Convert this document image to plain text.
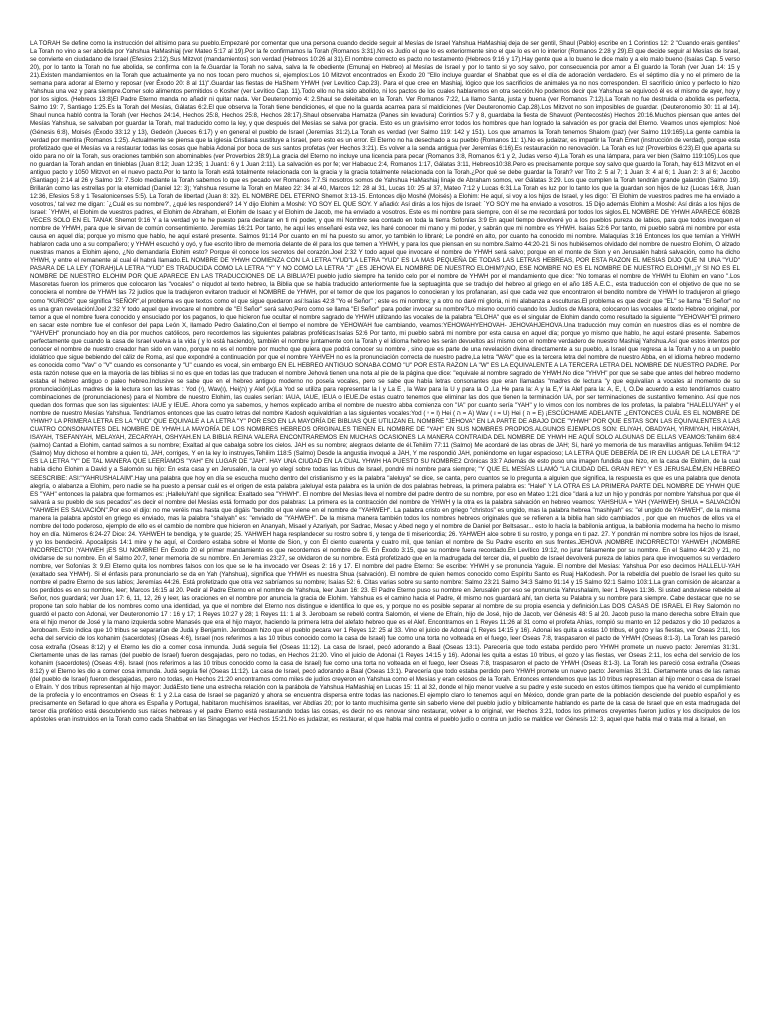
LA TORAH Se define como la instrucción del altísimo para su pueblo.Empezaré por comentar que una persona cuando decide seguir al Mesías de Israel Yahshua HaMashiaj deja de ser gentil, Shaul (Pablo) escribe en 1 Corintios 12: 2 "Cuando erais gentiles" La Torah no vino a ser abolida por Yahshua HaMashiaj (ver Mateo 5:17 al 19).Por la fe confirmamos la Torah (Romanos 3:31).No es Judío el que lo es exteriormente sino el que lo es en lo interior (Romanos 2:28 y 29).El que decide seguir al Mesías de Israel, se convierte en ciudadano de Israel (Efesios 2:12).Sus Mitzvot (mandamientos) son verdad (Hebreos 10:26 al 31).El nombre correcto es pacto no testamento (Hebreos 9:16 y 17).Hay gente que a lo bueno le dice malo y a elo malo bueno (Isaías Cap. 5 verso 20), por lo tanto la Torah no fue abolida, se confirma con la fe.Guardar la Torah no salva, salva la fe obediente (Emunaj en Hebreo) al Mesías de Israel y por lo tanto si yo soy salvo, por consecuencia por amor a Él guardo la Torah (ver Juan 14: 15 y 21).Existen mandamientos en la Torah que actualmente ya no nos tocan pero muchos si, ejemplos:Los 10 Mitzvot encontrados en Éxodo 20 "Ello incluye guardar el Shabbat que es el día de adoración verdadero. Es el séptimo día y no el primero de la semana para adorar al Eterno y reposar (ver Éxodo 20: 8 al 11)".Guardar las fiestas de HaShem YHWH (ver Levítico Cap.23). Para el que cree en Mashiaj, lógico que los sacrificios de animales ya no nos corresponden. El sacrificio único y perfecto lo hizo Yahshua una vez y para siempre.Comer solo alimentos permitidos o Kosher (ver Levítico Cap. 11).Todo ello no ha sido abolido, ni los pactos de los cuales hablaremos en otra sección.No podemos decir que Yahshua se equivocó él es el mismo de ayer, hoy y por los siglos. (Hebreos 13:8)El Padre Eterno manda no añadir ni quitar nada. Ver Deuteronomio 4: 2.Shaul se deleitaba en la Torah. Ver Romanos 7:22, La llamo Santa, justa y buena (ver Romanos 7:12).La Torah no fue destruida o abolida es perfecta, Salmo 19: 7, Santiago 1:25.Es la Torah del Mesías, Gálatas 6:2.El que observa la Torah tiene bendiciones, el que no la guarda acarrea para sí maldiciones (Ver Deuteronomio Cap.28).Los Mitzvot no son imposibles de guardar. (Deuteronomio 30: 11 al 14). Shaul nunca habló contra la Torah (ver Hechos 24:14, Hechos 25:8, Hechos 25:8, Hechos 28:17).Shaul observaba Hamatza (Panes sin levadura) Corintios 5:7 y 8, guardaba la fiesta de Shavuot (Pentecostés) Hechos 20:16.Muchos piensan que antes del Mesías Yahshua, se salvaban por guardar la Torah, mal traducido como la ley, y que después del Mesías se salva por gracia. Esto es un gravísimo error todos los hombres que han logrado la salvación es por gracia del Eterno. Veamos unos ejemplos: Noé (Génesis 6:8), Moisés (Éxodo 33:12 y 13), Gedeón (Jueces 6:17) y en general el pueblo de Israel (Jeremías 31:2).La Torah es verdad (ver Salmo 119: 142 y 151). Los que amamos la Torah tenemos Shalom (paz) (ver Salmo 119:165).La gente cambia la verdad por mentira (Romanos 1:25). Actualmente se piensa que la iglesia Cristiana sustituye a Israel, pero esto es un error. El Eterno no ha desechado a su pueblo (Romanos 11: 1).No es judaizar, es impartir la Torah Emet (instrucción de verdad), porque esta profetizado que el Mesías va a restaurar todas las cosas que había Adonai por boca de sus santos profetas (ver Hechos 3:21). Es volver a la senda antigua (ver Jeremías 6:16).Es restauración no renovación. La Torah es luz (Proverbios 6:23).El que aparta su oído para no oír la Torah, sus oraciones también son abominables (ver Proverbios 28:9).La gracia del Eterno no incluye una licencia para pecar (Romanos 3:8, Romanos 6:1 y 2, Judas verso 4).La Torah es una lámpara, para ver bien (Salmo 119:105).Los que no guardan la Torah andan en tinieblas (Juan 8:12; Juan 12:35; 1 Juan1: 6 y 1 Juan 2:11). La salvación es por fe; ver Habacuc 2:4, Romanos 1:17, Gálatas 3:11, Hebreos10:38.Pero es precisamente porque soy salvo que guardo la Torah, hay 613 Mitzvot en el antiguo pacto y 1050 Mitzvot en el nuevo pacto.Por lo tanto la Torah está totalmente relacionada con la gracia y la gracia totalmente relacionada con la Torah.¿Por qué se debe guardar la Torah? ver Tito 2: 5 al 7; 1 Juan 3: 4 al 6; 1 Juan 2: 3 al 6; Jacobo (Santiago) 2:14 al 26 y Salmo 19: 7.Solo mediante la Torah sabemos lo que es pecado ver Romanos 7:7.Si nosotros somos de Yahshua HaMashiaj linaje de Abraham somos, ver Gálatas 3:29. Los que cumplen la Torah tendrán grande galardón (Salmo 19). Brillarán como las estrellas por la eternidad (Daniel 12: 3); Yahshua resume la Torah en Mateo 22: 34 al 40, Marcos 12: 28 al 31, Lucas 10: 25 al 37, Mateo 7:12 y Lucas 6:31.La Torah es luz por lo tanto los que la guardan son hijos de luz (Lucas 16:8, Juan 12:36, Efesios 5:8 y 1 Tesalonicenses 5:5). La Torah de libertad (Juan 8: 32). EL NOMBRE DEL ETERNO Shemot 3:13-15. Entonces dijo Moshé (Moisés) a Elohim: He aquí, si voy a los hijos de Israel, y les digo: `El Elohim de vuestros padres me ha enviado a vosotros,' tal vez me digan: `¿Cuál es su nombre?', ¿qué les responderé? 14 Y dijo Elohim a Moshé: YO SOY EL QUE SOY. Y añadió: Así dirás a los hijos de Israel: `YO SOY me ha enviado a vosotros. 15 Dijo además Elohim a Moshé: Así dirás a los hijos de Israel: `YHWH, el Elohim de vuestros padres, el Elohim de Abraham, el Elohim de Isaac y el Elohim de Jacob, me ha enviado a vosotros. Este es mi nombre para siempre, con él se me recordará por todos los siglos.EL NOMBRE DE YHWH APARECE 6082B VECES SOLO EN EL TANAK Shemot 9:16 Y a la verdad yo te he puesto para declarar en ti mi poder, y que mi Nombre sea contado en toda la tierra Sofonías 3:9 En aquel tiempo devolveré yo a los pueblos pureza de labios, para que todos invoquen el nombre de YHWH, para que le sirvan de común consentimiento. Jeremías 16:21 Por tanto, he aquí les enseñaré esta vez, les haré conocer mi mano y mi poder, y sabrán que mi nombre es YHWH. Isaías 52:6 Por tanto, mi pueblo sabrá mi nombre por esta causa en aquel día; porque yo mismo que hablo, he aquí estaré presente. Salmos 91:14 Por cuanto en mí ha puesto su amor, yo también lo libraré; Le pondré en alto, por cuanto ha conocido mi nombre. Malaquías 3:16 Entonces los que temían a YHWH hablaron cada uno a su compañero; y YHWH escuchó y oyó, y fue escrito libro de memoria delante de él para los que temen a YHWH, y para los que piensan en su nombre.Salmo 44:20-21 Si nos hubiésemos olvidado del nombre de nuestro Elohim, O alzado nuestras manos a Elohim ajeno, ¿No demandaría Elohim esto? Porque él conoce los secretos del corazón.Joel 2:32 Y todo aquel que invocare el nombre de YHWH será salvo; porque en el monte de Sion y en Jerusalén habrá salvación, como ha dicho YHWH, y entre el remanente al cual él habrá llamado.EL NOMBRE DE YHWH COMIENZA CON LA LETRA "YUD"LA LETRA "YUD" ES LA MAS PEQUEÑA DE TODAS LAS LETRAS HEBREAS, POR ESTA RAZON EL MESIAS DIJO QUE NI UNA "YUD" PASARA DE LA LEY (TORAH)LA LETRA "YUD" ES TRADUCIDA COMO LA LETRA "Y" Y NO COMO LA LETRA "J" ¿ES JEHOVA EL NOMBRE DE NUESTRO ELOHIM?¡NO, ESE NOMBRE NO ES EL NOMBRE DE NUESTRO ELOHIM!,,¡Y SI NO ES EL NOMBRE DE NUESTRO ELOHIM POR QUE APARECE EN LAS TRADUCCIONES DE LA BIBLIA?El pueblo judío siempre ha tenido celo por el nombre de YHWH por el mandamiento que dice: "No tomaras el nombre de YHWH tu Elohim en vano ".Los Masoretas fueron los primeros que colocaron las "vocales" o niqudot al texto hebreo, la Biblia que se había traducido anteriormente fue la septuaginta que se tradujo del hebreo al griego en el año 185 A.E.C., esta traducción con el objetivo de que no se conociera el nombre de YHWH las 72 judíos que la tradujeron evitaron traducir el NOMBRE de YHWH, por el temor de que los paganos lo conocieran y los profanaran, así que cada vez que encontraron el bendito nombre de YHWH lo tradujeron al griego como "KURIOS" que significa "SEÑOR",el problema es que textos como el que sigue quedaron así:Isaías 42:8 "Yo el Señor" ; este es mi nombre; y a otro no daré mi gloria, ni mi alabanza a esculturas.El problema es que decir que "EL" se llama "El Señor" no es una gran revelación!Joel 2:32 Y todo aquel que invocare el nombre de "El Señor" será salvo;Pero como se llama "El Señor" para poder invocar su nombre?Lo mismo ocurrió cuando los Judíos de Masora, colocaron las vocales al texto Hebreo original, por temor a que el nombre fuera conocido y ensuciado por los paganos, lo que hicieron fue ocultar el nombre sagrado de YHWH utilizando las vocales de la palabra "ELOHA" que es el singular de Elohim dando como resultado la siguiente "YEHOVAH"El primero en sacar este nombre fue el confesor del papa León X, llamado Pedro Galatino,Con el tiempo el nombre de YEHOWAH fue cambiando, veamos:YEHOWAHYEHOVAH- JEHOVAHJEHOVA.Una traducción muy común en nuestros días es el nombre de "YAHVEH" pronunciado hoy en día por muchos católicos, pero recordemos las siguientes palabras proféticas:Isaías 52:6 Por tanto, mi pueblo sabrá mi nombre por esta causa en aquel día; porque yo mismo que hablo, he aquí estaré presente. Sabemos perfectamente que cuando la casa de Israel vuelva a la vida ( y lo está haciendo), también el nombre juntamente con la Torah y el idioma hebreo les serán devueltos así mismo con el nombre verdadero de nuestro Mashiaj Yahshua.Así que estos intentos por conocer el nombre de nuestro creador han sido en vano, porque no es el nombre por mucho que quiera que podrá conocer su nombre , sino que es parte de una revelación divina directamente a su pueblo, a Israel que regresa a la Torah y no a un pueblo idolátrico que sigue bebiendo del cáliz de Roma, así que expondré a continuación por que el nombre YAHVEH no es la pronunciación correcta de nuestro padre,La letra "WAV" que es la tercera letra del nombre de nuestro Abba, en el idioma hebreo moderno es conocida como "Vav" o "V" cuando es consonante y "U" cuando es vocal, sin embargo EN EL HEBREO ANTIGUO SONABA COMO "U" POR ESTA RAZON LA "W" ES LA EQUIVALENTE A LA TERCERA LETRA DEL NOMBRE DE NUESTRO PADRE. Por esta razón notese que en la mayoría de las biblias si no es que en todas las que traducen el nombre Jehová tienen una nota al pie de la página que dice: "equivale al nombre sagrado de YHWH.No dice "YHVH" por que se sabe que antes del hebreo moderno estaba el hebreo antiguo o paleo hebreo.Inclusive se sabe que en el hebreo antiguo moderno no poseía vocales, pero se sabe que había letras consonantes que eran llamadas "madres de lectura "y que equivalían a vocales al momento de su pronunciación)Las madres de la lectura son las letras : Yod (י), Wav(ו), Hei(ה) y Alef (א)La Yod se utiliza para representar la I y La E , la Wav para la U y para la O ,La He para la: A y la E,Y la Alef para la: A, E, I, O.De acuerdo a esto tendríamos cuatro combinaciones de (pronunciaciones) para el Nombre de nuestro Elohim, las cuales serían: IAUA, IAUE, IEUA o IEUE.De estas cuatro tenemos que eliminar las dos que tienen la terminación UA, por ser terminaciones de sustantivo femenino. Así que nos quedan dos formas que son las siguientes: IAUE y IEUE. Ahora como ya sabemos, y hemos explicado arriba el nombre de nuestro abba comienza con "IA" por cuanto sería "YAH" y lo vimos con los nombres de los profetas, la palabra "HALELUYAH" y el nombre de nuestro Mesías Yahshua. Tendríamos entonces que las cuatro letras del nombre Kadosh equivaldrían a las siguientes vocales:Yod ( י = I) Hei ( ה = A) Wav ( ו = U) Hei ( ה = E) ¡ESCÚCHAME ADELANTE ,¿ENTONCES CUÁL ES EL NOMBRE DE YHWH? LA PRIMERA LETRA ES LA "YUD" QUE EQUIVALE A LA LETRA "Y" POR ESO EN LA MAYORÍA DE BIBLIAS QUE UTILIZAN EL NOMBRE "JEHOVA" EN LA PARTE DE ABAJO DICE "YHWH" POR QUE ESTAS SON LAS EQUIVALENTES A LAS CUATRO CONSONANTES DEL NOMBRE DE YHWH.LA MAYORÍA DE LOS NOMBRES HEBREOS ORIGINALES TIENEN EL NOMBRE DE "YAH" EN SUS NOMBRES PROPIOS.ALGUNOS EJEMPLOS SON: ELIYAH, OBADYAH, YIRMIYAH, HIKAYAH, ISAYAH, TSEFANYAH, MELAYAH, ZECARYAH, OSHYAH.EN LA BIBLIA REINA VALERA ENCONTRAREMOS EN MUCHAS OCASIONES LA MANERA CONTRAIDA DEL NOMBRE DE YHWH HE AQUÍ SOLO ALGUNAS DE ELLAS VEAMOS:Tehilim 68:4 (salmo) Cantad a Elohim, cantad salmos a su nombre; Exaltad al que cabalga sobre los cielos. JAH es su nombre; alegraos delante de él.Tehilim 77:11 (Salmo) Me acordaré de las obras de JAH; Sí, haré yo memoria de tus maravillas antiguas.Tehilim 94:12 (Salmo) Muy dichoso el hombre a quien tú, JAH, corriges, Y en la ley lo instruyes,Tehilim 118:5 (Salmo) Desde la angustia invoqué a JAH, Y me respondió JAH, poniéndome en lugar espacioso; LA LETRA QUE DEBERÍA DE IR EN LUGAR DE LA LETRA "J" ES LA LETRA "Y" DE TAL MANERA QUE LEERÍAMOS "YAH" EN LUGAR DE "JAH". HAY UNA CIUDAD EN LA CUAL YHWH HA PUESTO SU NOMBRE2 Crónicas 33:7 Además de esto puso una imagen fundida que hizo, en la casa de Elohim, de la cual había dicho Elohim a David y a Salomón su hijo: En esta casa y en Jerusalén, la cual yo elegí sobre todas las tribus de Israel, pondré mi nombre para siempre; "Y QUE EL MESÍAS LLAMÓ "LA CIUDAD DEL GRAN REY" Y ES JERUSALÉM,EN HEBREO SEESCRIBE: ASI:"YAHRUSHALAIM".Hay una palabra que hoy en día se escucha mucho dentro del cristianismo y es la palabra "aleluya" se dice, se canta, pero cuantos se lo pregunta a alguien que significa, la respuesta es que es una palabra que denota alegría, o alabanza a Elohim, pero nadie se ha puesto a pensar cuál es el origen de esta palabra ¡aleluya! esta palabra es la unión de dos palabras hebreas, la primera palabra es: "Halel" Y LA OTRA ES LA PRIMERA PARTE DEL NOMBRE DE YHWH QUE ES "YAH" entonces la palabra que formamos es: ¡HalleluYah! que significa: Exaltado sea "YHWH". El nombre del Mesías lleva el nombre del padre dentro de su nombre, por eso en Mateo 1:21 dice "dará a luz un hijo y pondrás por nombre Yahshua por que él salvará a su pueblo de sus pecados".es decir el nombre del Mesías está formado por dos palabras: La primera es la contracción del nombre de YHWH y la otra es la palabra salvación en hebreo veamos: YAHSHUA = YAH (YAHWEH) SHUA = SALVACIÓN "YAHWEH ES SALVACIÓN".Por eso el dijo: no me veréis mas hasta que digáis "bendito el que viene en el nombre de "YAHWEH". La palabra cristo en griego "christos" es ungido, mas la palabra hebrea "mashiyah" es: "el ungido de YAHWEH", de la misma manera la palabra apóstol en griego es enviado, mas la palabra "shalyah" es: "enviado de "YAHWEH". De la misma manera también todos los nombres hebreos originales que se refieren a la biblia han sido cambiados , por que en muchos de ellos va el nombre del todo poderoso, ejemplo de ello es el cambio de nombre que hicieron en Ananyah, Misael y Azariyah, por Sadrac, Mesac y Abed nego y el nombre de Daniel por Beltsasar... esto lo hacía la babilonia antigua, la babilonia moderna ha hecho lo mismo hoy en día. Números 6:24-27 Dice: 24. YAHWEH te bendiga, y te guarde; 25. YAHWEH haga resplandecer su rostro sobre ti, y tenga de ti misericordia; 26. YAHWEH alce sobre ti su rostro, y ponga en ti paz. 27. Y pondrán mi nombre sobre los hijos de Israel, y yo los bendeciré. Apocalipsis 14:1 mire y he aquí, el Cordero estaba sobre el Monte de Sion, y con Él ciento cuarenta y cuatro mil, que tenían el nombre de Su Padre escrito en sus frentes.JEHOVA ¡NOMBRE INCORRECTO! YAHWEH ¡NOMBRE INCORRECTO! ;YAHWEH ¡ES SU NOMBRE! En Éxodo 20 el primer mandamiento es que recordemos el nombre de Él. En Éxodo 3:15, que su nombre fuera recordado.En Levítico 19:12, no jurar falsamente por su nombre. En el Salmo 44:20 y 21, no olvidarse de su nombre. En el Salmo 20:7, tener memoria de su nombre. En Jeremías 23:27, se olvidaron de su nombre. Está profetizado que en la madrugada del tercer día, el pueblo de Israel devolverá pureza de labios para que invoquemos su verdadero nombre, ver Sofonías 3: 9.El Eterno quita los nombres falsos con los que se le ha invocado ver Oseas 2: 16 y 17. El nombre del padre Eterno: Se escribe: YHWH y se pronuncia Yaguie. El nombre del Mesías: Yahshua Por eso decimos HALLELU-YAH (exaltado sea YHWH). Si el énfasis para pronunciarlo se da en Yah (Yahshua), significa que YHWH es nuestra Shua (salvación). El nombre de quien hemos conocido como Espíritu Santo es Ruaj HaKodesh. Por la rebeldía del pueblo de Israel les quito su nombre el padre Eterno de sus labios; Jeremías 44:26. Está profetizado que otra vez sabríamos su nombre; Isaías 52: 6. Citas varias sobre su santo nombre: Salmo 23:21 Salmo 34:3 Salmo 91:14 y 15 Salmo 92:1 Salmo 103:1.La gran comisión de alcanzar a los perdidos es en su nombre, leer; Marcos 16:15 al 20. Pedir al Padre Eterno en el nombre de Yahshua, leer Juan 16: 23. El Padre Eterno puso su nombre en Jerusalén por eso se pronuncia Yahrushalaim, leer 1 Reyes 11:36. Si usted anduviese rebelde al Señor, nos guardará; ver Juan 17: 6, 11, 12, 26 y leer, las oraciones en el nombre por anuncia la gracia de Elohim. Yahshua es el camino hacia el Padre, él mismo nos guardará ahí, tan cierta su Palabra y su nombre para siempre. Cabe destacar que no se propone tan solo hablar de los nombres como una identidad, ya que el nombre del Eterno nos distingue e identifica lo que es, y porque no es posible separar al nombre de su propia esencia y definición.Las DOS CASAS DE ISRAEL El Rey Salomón no guardó el pacto con Adonai, ver Deuteronomio 17 : 16 y 17; 1 Reyes 10:27 y 28; 1 Reyes 11: 1 al 3. Jeroboam se rebeló contra Salomón, el viene de Efraín, hijo de José, hijo de Jacob, ver Génesis 48: 5 al 20. Jacob puso la mano derecha sobre Efraín que era el hijo menor de José y la mano izquierda sobre Manasés que era el hijo mayor, haciendo la primera letra del alefato hebreo que es el Alef. Encontramos en 1 Reyes 11:26 al 31 como el profeta Ahías, rompió su manto en 12 pedazos y dio 10 pedazos a Jeroboam. Esto indica que 10 tribus se separarían de Judá y Benjamín. Jeroboam hizo que el pueblo pecara ver 1 Reyes 12: 25 al 33. Vino el juicio de Adonai (1 Reyes 14:15 y 16). Adonai les quita a estas 10 tribus, el gozo y las fiestas, ver Oseas 2:11, los echa del servicio de los kohanim (sacerdotes) (Oseas 4:6), Israel (nos referimos a las 10 tribus conocido como la casa de Israel) fue como una torta no volteada en el fuego, leer Oseas 7:8, traspasaron el pacto de YHWH (Oseas 8:1-3). La Torah les pareció cosa extraña (Oseas 8:12) y el Eterno les dio a comer cosa inmunda. Judá seguía fiel (Oseas 11:12). La casa de Israel, pecó adorando a Baal (Oseas 13:1). Parecería que todo estaba perdido pero YHWH promete un nuevo pacto: Jeremías 31:31. Ciertamente unas de las ramas (del pueblo de Israel) fueron desgajadas, pero no todas, en Hechos 21:20. Vino el juicio de Adonai (1 Reyes 14:15 y 16). Adonai les quita a estas 10 tribus, el gozo y las fiestas, ver Oseas 2:11, los echa del servicio de los kohanim (sacerdotes) (Oseas 4:6). Israel (nos referimos a las 10 tribus conocido como la casa de Israel) fue como una torta no volteada en el fuego, leer Oseas 7:8, traspasaron el pacto de YHWH (Oseas 8:1-3). La Torah les pareció cosa extraña (Oseas 8:12) y el Eterno les dio a comer cosa inmunda. Judá seguía fiel (Oseas 11:12). La casa de Israel, pecó adorando a Baal (Oseas 13:1). Parecería que todo estaba perdido pero YHWH promete un nuevo pacto: Jeremías 31:31. Ciertamente unas de las ramas (del pueblo de Israel) fueron desgajadas, pero no todas, en Hechos 21:20 encontramos como miles de judíos creyeron en Yahshua como el Mesías y eran celosos de la Torah. Entonces entendemos que las 10 tribus representan al hijo menor o casa de Israel o Efraín. Y dos tribus representan al hijo mayor: JudáEsto tiene una estrecha relación con la parábola de Yahshua HaMashiaj en Lucas 15: 11 al 32, donde el hijo menor vuelve a su padre y este sucedo en estos últimos tiempos que ha venido el cumplimiento de la profecía y lo encontramos en Oseas 6: 1 y 2.La casa de Israel se paganizó y ahora se encuentra dispersa entre todas las naciones.El ejemplo claro lo tenemos aquí en México, donde gran parte de la población desciende del pueblo español y es precisamente en Sefarad lo que ahora es España y Portugal, habitaron muchísimos israelitas, ver Abdías 20; por lo tanto muchísima gente sin saberlo viene del pueblo judío y bíblicamente hablando es parte de la casa de Israel que en esta madrugada del tercer día profético está descubriendo sus raíces hebreas y el padre Eterno está restaurando todas las cosas, es decir no es renovar sino restaurar, volver a lo original, ver Hechos 3:21, todos los primeros creyentes fueron judíos y los discípulos de los apóstoles eran instruidos en la Torah como cada Shabbat en las Sinagogas ver Hechos 15:21.No es judaizar, es restaurar, el que habla mal contra el pueblo judío o contra un judío se maldice ver Génesis 12: 3, aquel que habla mal o trata mal a Israel, en
